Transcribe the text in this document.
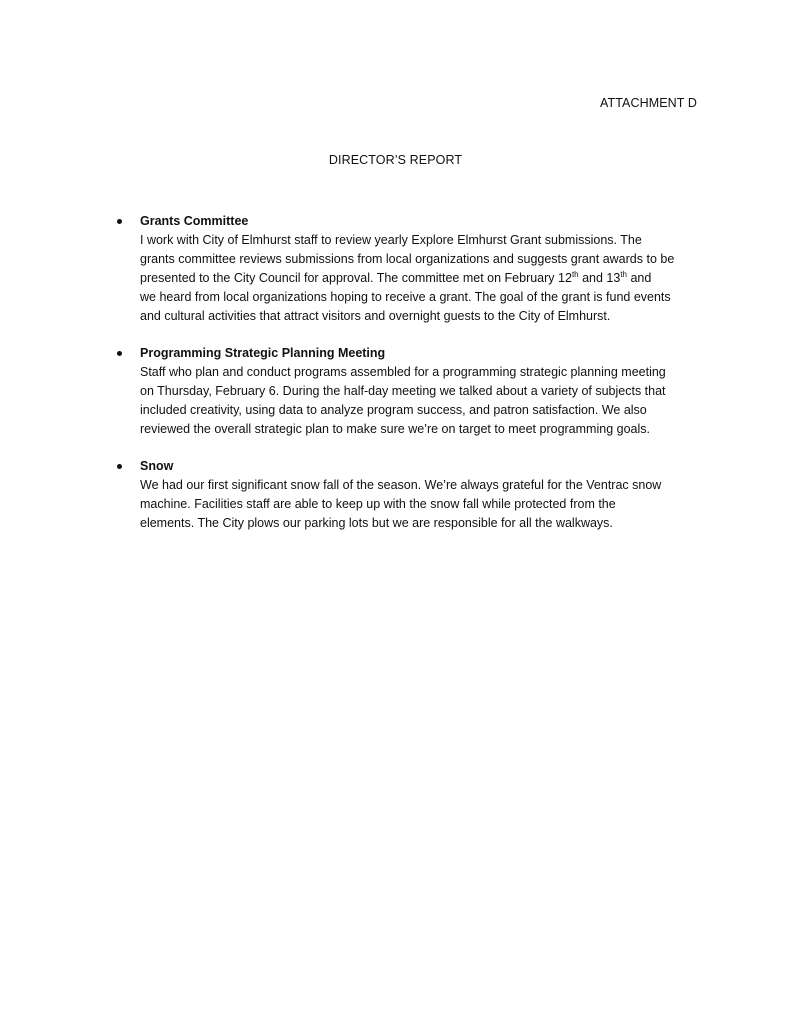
ATTACHMENT D
DIRECTOR’S REPORT
Grants Committee
I work with City of Elmhurst staff to review yearly Explore Elmhurst Grant submissions. The
grants committee reviews submissions from local organizations and suggests grant awards to be
presented to the City Council for approval. The committee met on February 12th and 13th and
we heard from local organizations hoping to receive a grant. The goal of the grant is fund events
and cultural activities that attract visitors and overnight guests to the City of Elmhurst.
Programming Strategic Planning Meeting
Staff who plan and conduct programs assembled for a programming strategic planning meeting
on Thursday, February 6. During the half-day meeting we talked about a variety of subjects that
included creativity, using data to analyze program success, and patron satisfaction. We also
reviewed the overall strategic plan to make sure we’re on target to meet programming goals.
Snow
We had our first significant snow fall of the season. We’re always grateful for the Ventrac snow
machine. Facilities staff are able to keep up with the snow fall while protected from the
elements. The City plows our parking lots but we are responsible for all the walkways.
